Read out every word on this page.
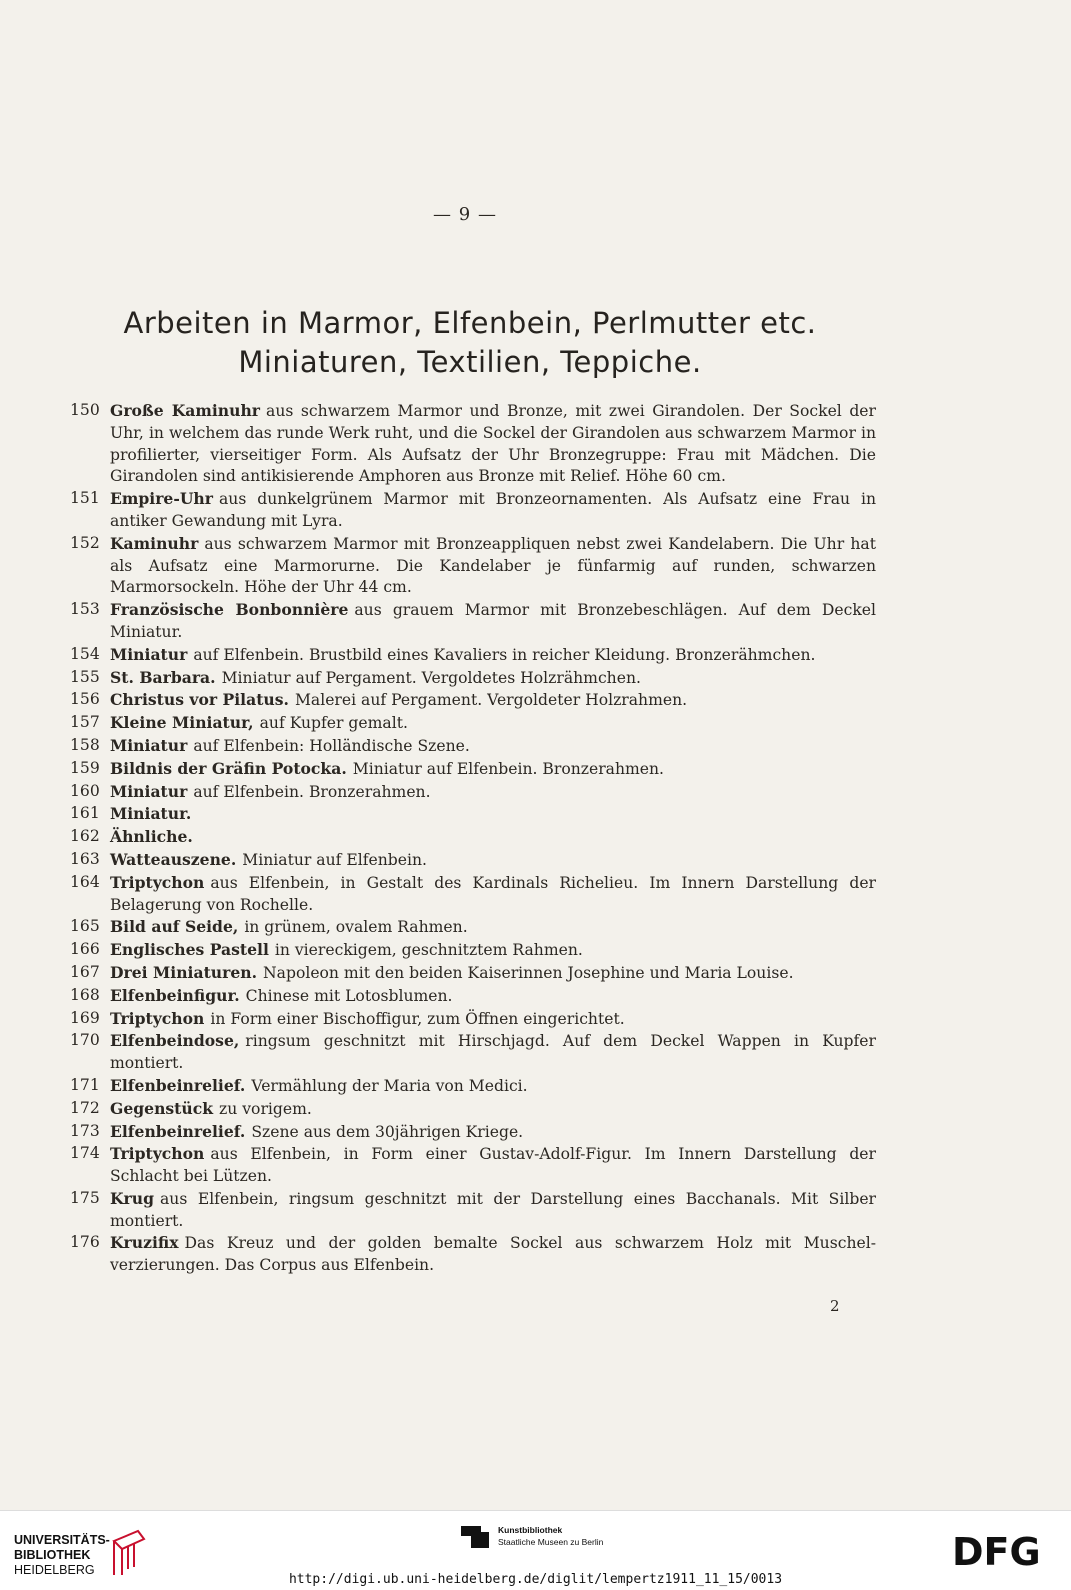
— 9 —
Arbeiten in Marmor, Elfenbein, Perlmutter etc.
Miniaturen, Textilien, Teppiche.
150 Große Kaminuhr aus schwarzem Marmor und Bronze, mit zwei Girandolen. Der Sockel der Uhr, in welchem das runde Werk ruht, und die Sockel der Girandolen aus schwarzem Marmor in profilierter, vierseitiger Form. Als Aufsatz der Uhr Bronzegruppe: Frau mit Mädchen. Die Girandolen sind antikisierende Amphoren aus Bronze mit Relief. Höhe 60 cm.
151 Empire-Uhr aus dunkelgrünem Marmor mit Bronzeornamenten. Als Aufsatz eine Frau in antiker Gewandung mit Lyra.
152 Kaminuhr aus schwarzem Marmor mit Bronzeappliquen nebst zwei Kandelabern. Die Uhr hat als Aufsatz eine Marmorurne. Die Kandelaber je fünfarmig auf runden, schwarzen Marmorsockeln. Höhe der Uhr 44 cm.
153 Französische Bonbonnière aus grauem Marmor mit Bronzebeschlägen. Auf dem Deckel Miniatur.
154 Miniatur auf Elfenbein. Brustbild eines Kavaliers in reicher Kleidung. Bronzerähmchen.
155 St. Barbara. Miniatur auf Pergament. Vergoldetes Holzrähmchen.
156 Christus vor Pilatus. Malerei auf Pergament. Vergoldeter Holzrahmen.
157 Kleine Miniatur, auf Kupfer gemalt.
158 Miniatur auf Elfenbein: Holländische Szene.
159 Bildnis der Gräfin Potocka. Miniatur auf Elfenbein. Bronzerahmen.
160 Miniatur auf Elfenbein. Bronzerahmen.
161 Miniatur.
162 Ähnliche.
163 Watteauszene. Miniatur auf Elfenbein.
164 Triptychon aus Elfenbein, in Gestalt des Kardinals Richelieu. Im Innern Darstellung der Belagerung von Rochelle.
165 Bild auf Seide, in grünem, ovalem Rahmen.
166 Englisches Pastell in viereckigem, geschnitztem Rahmen.
167 Drei Miniaturen. Napoleon mit den beiden Kaiserinnen Josephine und Maria Louise.
168 Elfenbeinfigur. Chinese mit Lotosblumen.
169 Triptychon in Form einer Bischoffigur, zum Öffnen eingerichtet.
170 Elfenbeindose, ringsum geschnitzt mit Hirschjagd. Auf dem Deckel Wappen in Kupfer montiert.
171 Elfenbeinrelief. Vermählung der Maria von Medici.
172 Gegenstück zu vorigem.
173 Elfenbeinrelief. Szene aus dem 30jährigen Kriege.
174 Triptychon aus Elfenbein, in Form einer Gustav-Adolf-Figur. Im Innern Darstellung der Schlacht bei Lützen.
175 Krug aus Elfenbein, ringsum geschnitzt mit der Darstellung eines Bacchanals. Mit Silber montiert.
176 Kruzifix Das Kreuz und der golden bemalte Sockel aus schwarzem Holz mit Muschelverzierungen. Das Corpus aus Elfenbein.
2
UNIVERSITÄTS-
BIBLIOTHEK
HEIDELBERG
Kunstbibliothek
Staatliche Museen zu Berlin	DFG
http://digi.ub.uni-heidelberg.de/diglit/lempertz1911_11_15/0013
